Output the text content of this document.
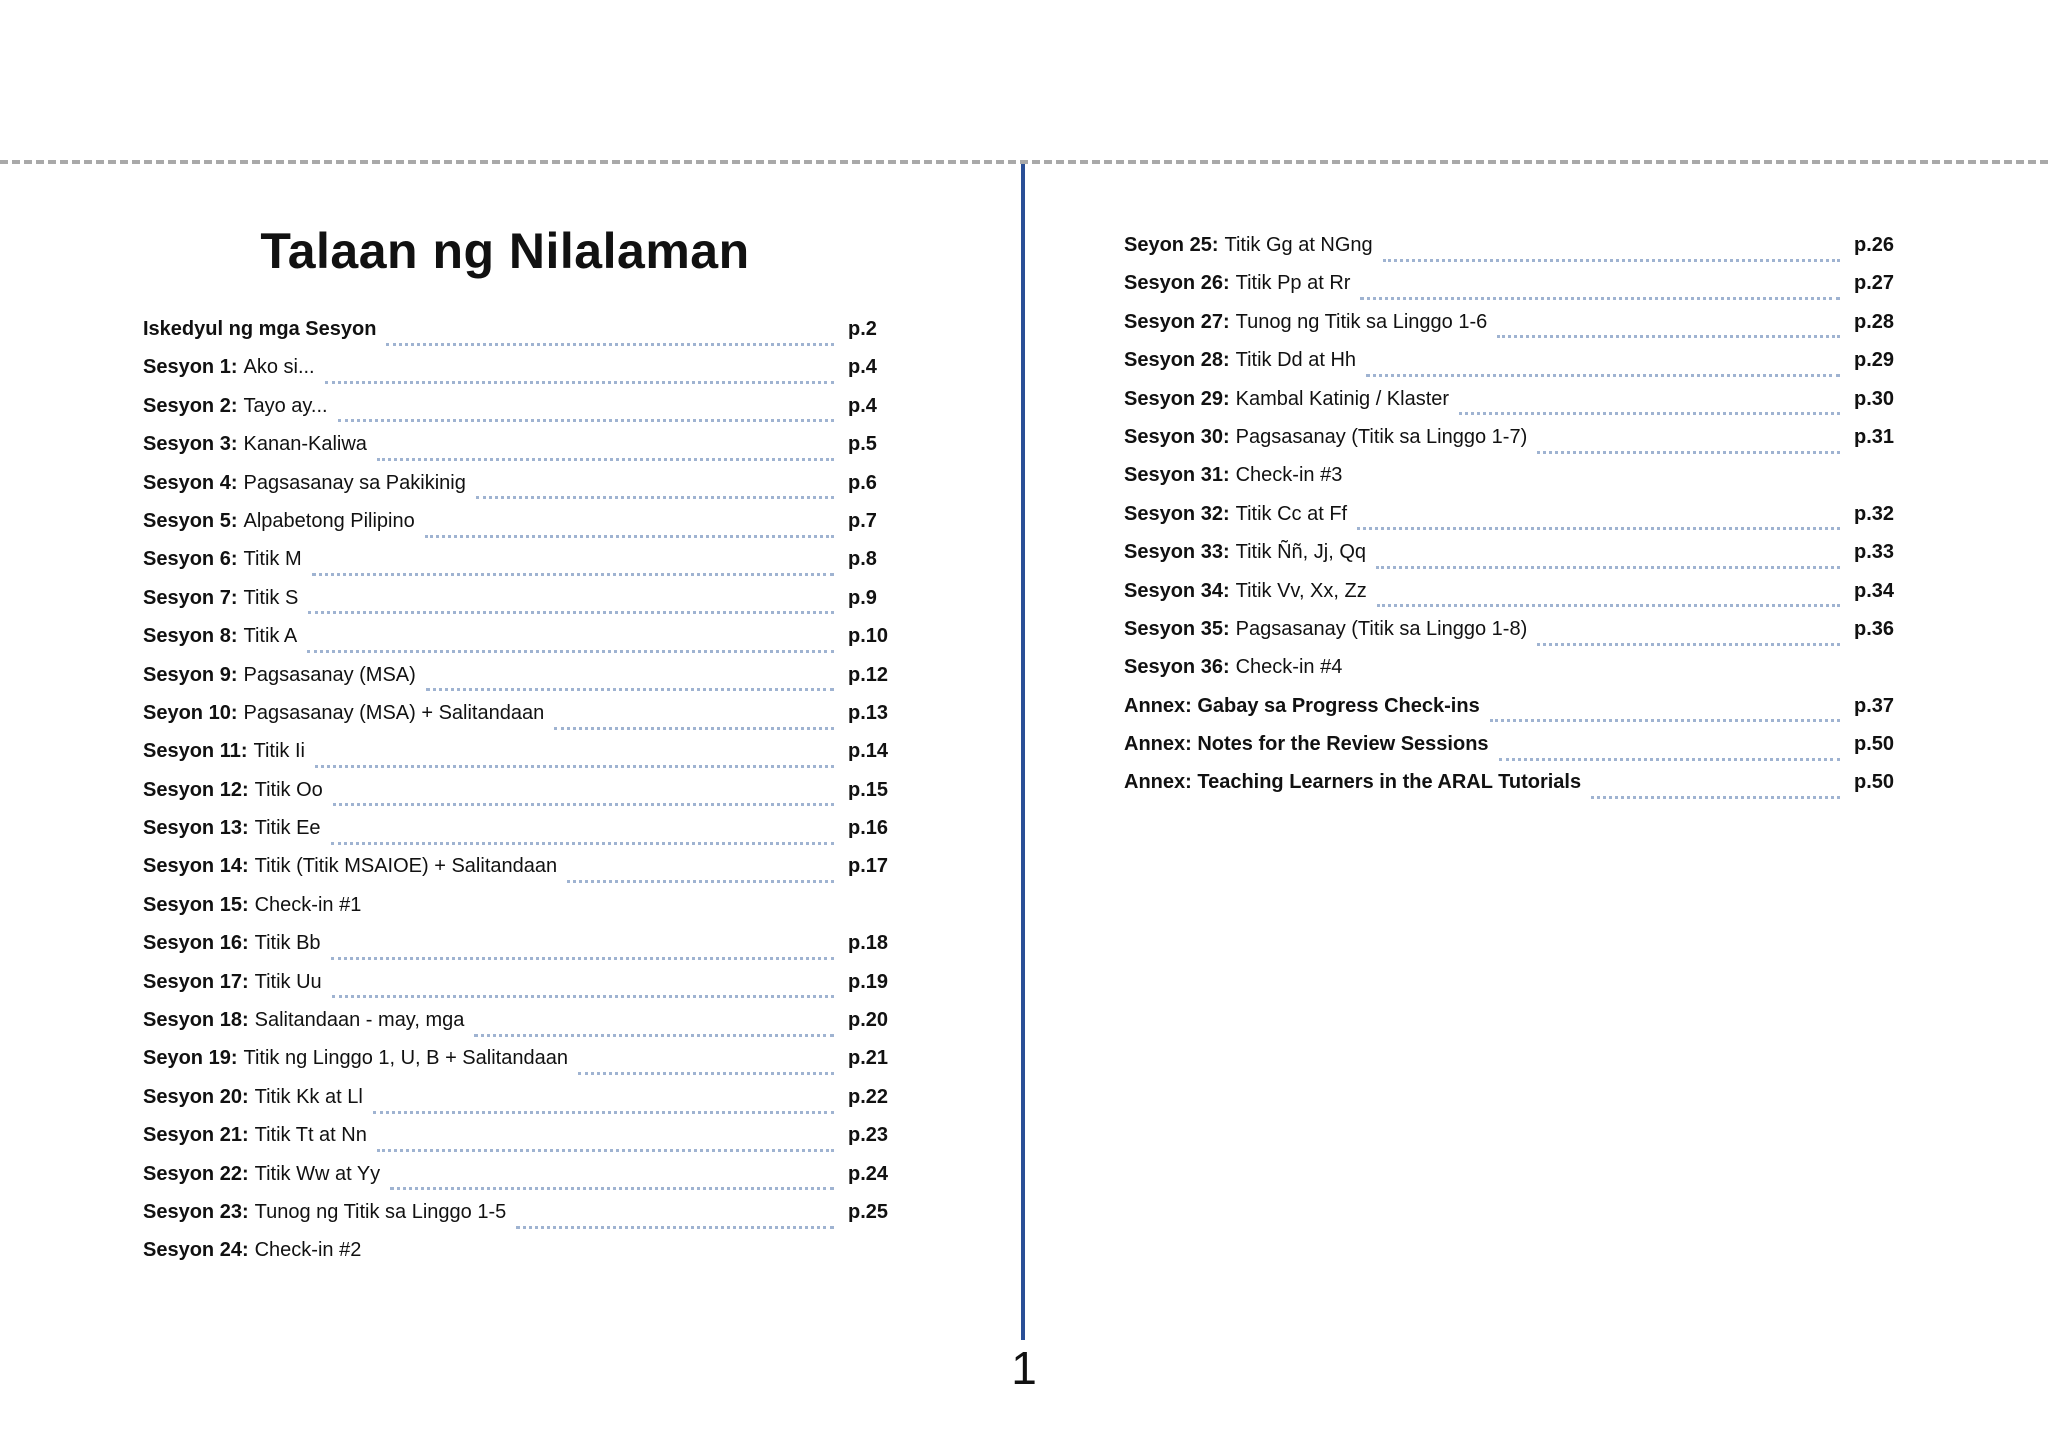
Talaan ng Nilalaman
Iskedyul ng mga Sesyon	p.2
Sesyon 1: Ako si...	p.4
Sesyon 2: Tayo ay...	p.4
Sesyon 3: Kanan-Kaliwa	p.5
Sesyon 4: Pagsasanay sa Pakikinig	p.6
Sesyon 5: Alpabetong Pilipino	p.7
Sesyon 6: Titik M	p.8
Sesyon 7: Titik S	p.9
Sesyon 8: Titik A	p.10
Sesyon 9: Pagsasanay (MSA)	p.12
Seyon 10: Pagsasanay (MSA) + Salitandaan	p.13
Sesyon 11: Titik Ii	p.14
Sesyon 12: Titik Oo	p.15
Sesyon 13: Titik Ee	p.16
Sesyon 14: Titik (Titik MSAIOE) + Salitandaan	p.17
Sesyon 15: Check-in #1
Sesyon 16: Titik Bb	p.18
Sesyon 17: Titik Uu	p.19
Sesyon 18: Salitandaan - may, mga	p.20
Seyon 19: Titik ng Linggo 1, U, B + Salitandaan	p.21
Sesyon 20: Titik Kk at Ll	p.22
Sesyon 21: Titik Tt at Nn	p.23
Sesyon 22: Titik Ww at Yy	p.24
Sesyon 23: Tunog ng Titik sa Linggo 1-5	p.25
Sesyon 24: Check-in #2
Seyon 25: Titik Gg at NGng	p.26
Sesyon 26: Titik Pp at Rr	p.27
Sesyon 27: Tunog ng Titik sa Linggo 1-6	p.28
Sesyon 28: Titik Dd at Hh	p.29
Sesyon 29: Kambal Katinig / Klaster	p.30
Sesyon 30: Pagsasanay (Titik sa Linggo 1-7)	p.31
Sesyon 31: Check-in #3
Sesyon 32: Titik Cc at Ff	p.32
Sesyon 33: Titik Ññ, Jj, Qq	p.33
Sesyon 34: Titik Vv, Xx, Zz	p.34
Sesyon 35: Pagsasanay (Titik sa Linggo 1-8)	p.36
Sesyon 36: Check-in #4
Annex: Gabay sa Progress Check-ins	p.37
Annex: Notes for the Review Sessions	p.50
Annex: Teaching Learners in the ARAL Tutorials	p.50
1
